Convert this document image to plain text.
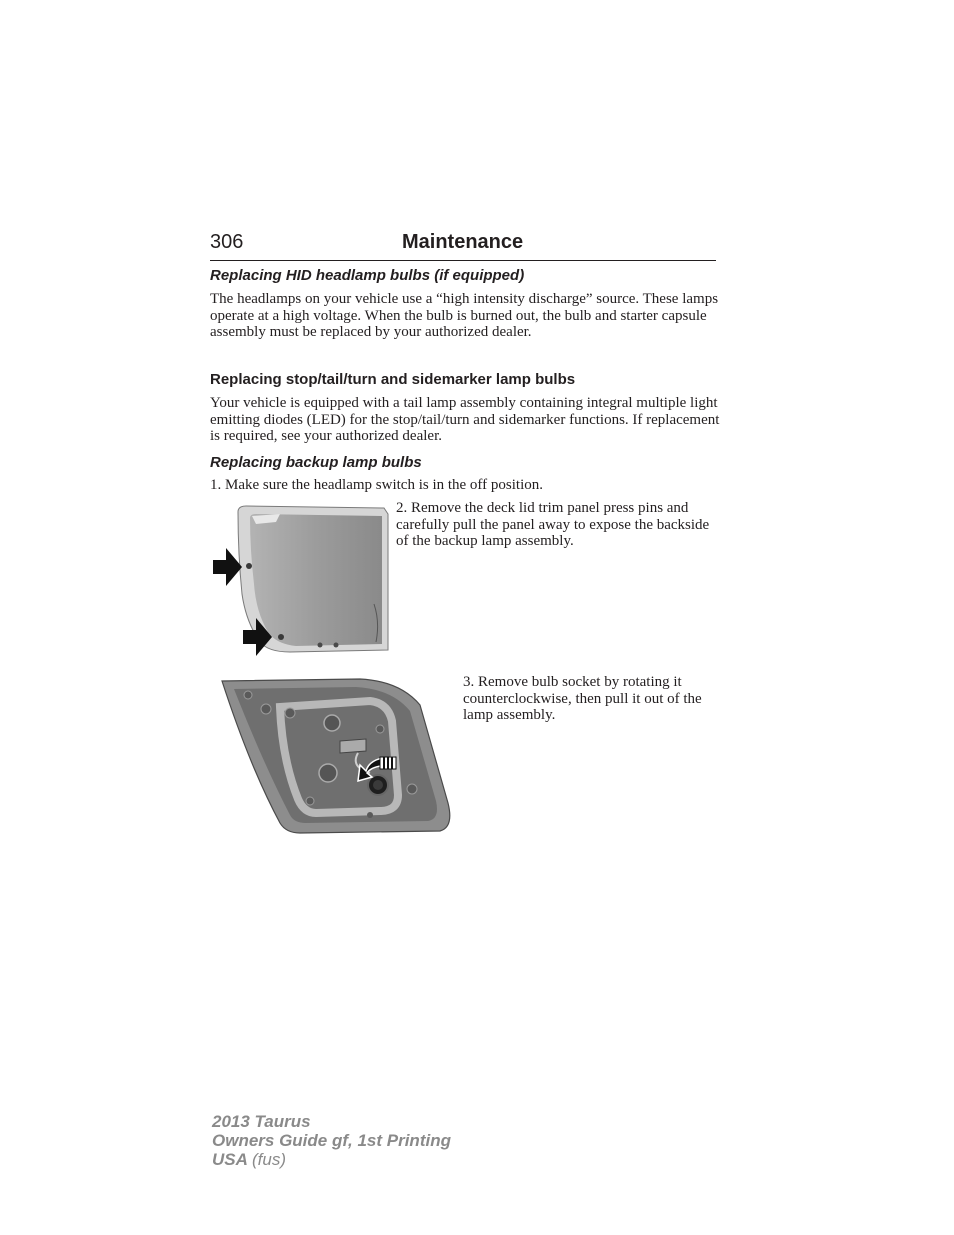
306	Maintenance
Replacing HID headlamp bulbs (if equipped)

The headlamps on your vehicle use a “high intensity discharge” source. These lamps operate at a high voltage. When the bulb is burned out, the bulb and starter capsule assembly must be replaced by your authorized dealer.

Replacing stop/tail/turn and sidemarker lamp bulbs

Your vehicle is equipped with a tail lamp assembly containing integral multiple light emitting diodes (LED) for the stop/tail/turn and sidemarker functions. If replacement is required, see your authorized dealer.

Replacing backup lamp bulbs

1. Make sure the headlamp switch is in the off position.

2. Remove the deck lid trim panel press pins and carefully pull the panel away to expose the backside of the backup lamp assembly.

3. Remove bulb socket by rotating it counterclockwise, then pull it out of the lamp assembly.

2013 Taurus
Owners Guide gf, 1st Printing
USA (fus)
